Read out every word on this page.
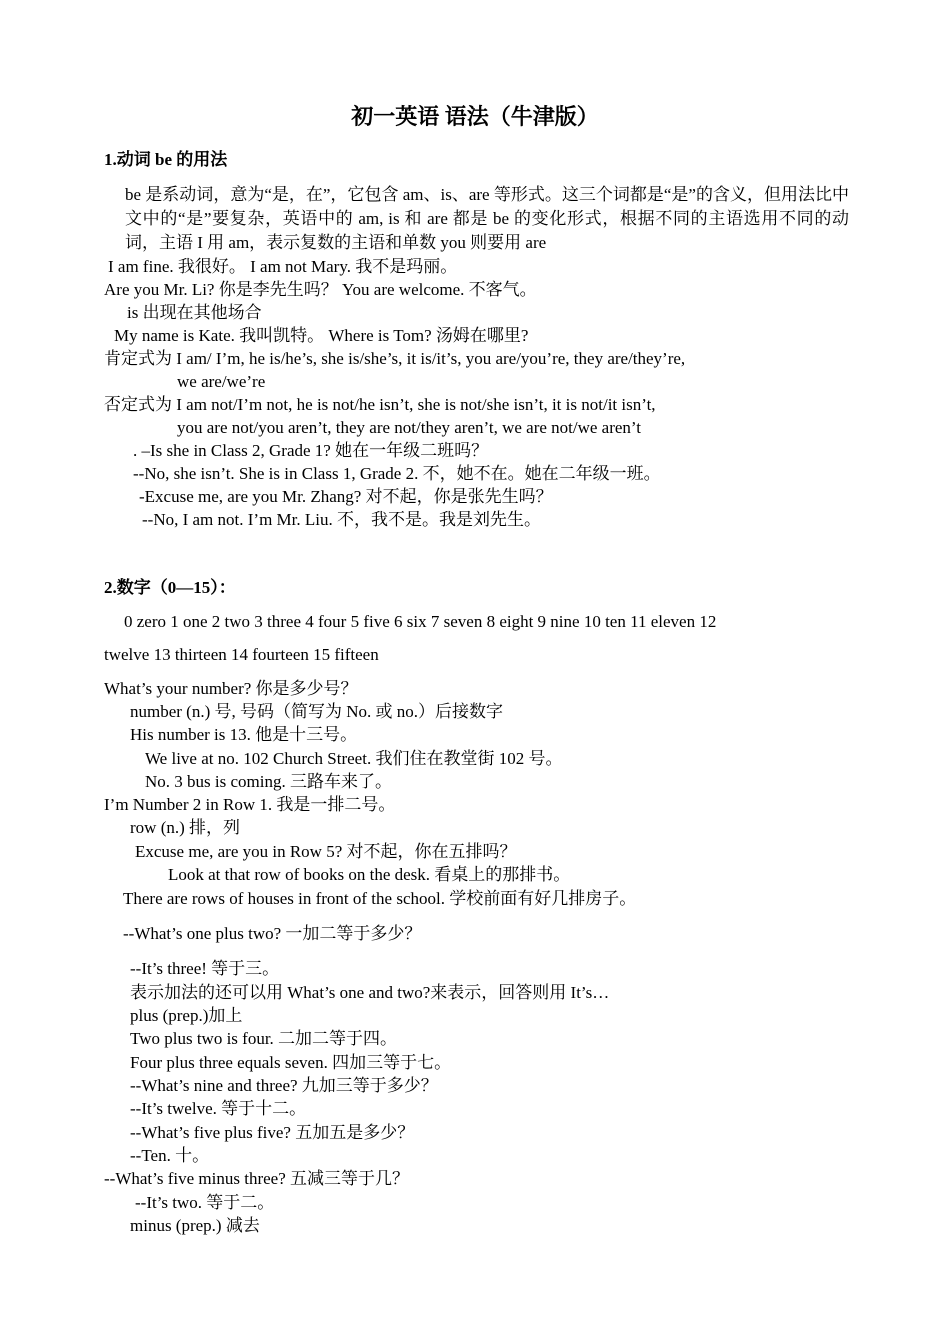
初一英语 语法（牛津版）
1.动词 be 的用法
be 是系动词，意为“是，在”，它包含 am、is、are 等形式。这三个词都是“是”的含义，但用法比中文中的“是”要复杂，英语中的 am, is 和 are 都是 be 的变化形式，根据不同的主语选用不同的动词，主语 I 用 am，表示复数的主语和单数 you 则要用 are
I am fine. 我很好。 I am not Mary. 我不是玛丽。
Are you Mr. Li? 你是李先生吗？ You are welcome. 不客气。
is 出现在其他场合
My name is Kate. 我叫凯特。 Where is Tom? 汤姆在哪里?
肯定式为 I am/ I’m, he is/he’s, she is/she’s, it is/it’s, you are/you’re, they are/they’re,
we are/we’re
否定式为 I am not/I’m not, he is not/he isn’t, she is not/she isn’t, it is not/it isn’t,
you are not/you aren’t, they are not/they aren’t, we are not/we aren’t
. –Is she in Class 2, Grade 1? 她在一年级二班吗？
--No, she isn’t. She is in Class 1, Grade 2. 不，她不在。她在二年级一班。
-Excuse me, are you Mr. Zhang? 对不起，你是张先生吗？
--No, I am not. I’m Mr. Liu. 不，我不是。我是刘先生。
2.数字（0—15）：
0 zero 1 one 2 two 3 three 4 four 5 five 6 six 7 seven 8 eight 9 nine 10 ten 11 eleven 12
twelve 13 thirteen 14 fourteen 15 fifteen
What’s your number? 你是多少号？
number (n.) 号, 号码（简写为 No. 或 no.）后接数字
His number is 13. 他是十三号。
We live at no. 102 Church Street. 我们住在教堂街 102 号。
No. 3 bus is coming. 三路车来了。
I’m Number 2 in Row 1. 我是一排二号。
row (n.) 排，列
Excuse me, are you in Row 5? 对不起，你在五排吗？
Look at that row of books on the desk. 看桌上的那排书。
There are rows of houses in front of the school. 学校前面有好几排房子。
--What’s one plus two? 一加二等于多少？
--It’s three! 等于三。
表示加法的还可以用 What’s one and two?来表示，回答则用 It’s…
plus (prep.)加上
Two plus two is four. 二加二等于四。
Four plus three equals seven. 四加三等于七。
--What’s nine and three? 九加三等于多少？
--It’s twelve. 等于十二。
--What’s five plus five? 五加五是多少？
--Ten. 十。
--What’s five minus three? 五减三等于几？
--It’s two. 等于二。
minus (prep.) 减去
